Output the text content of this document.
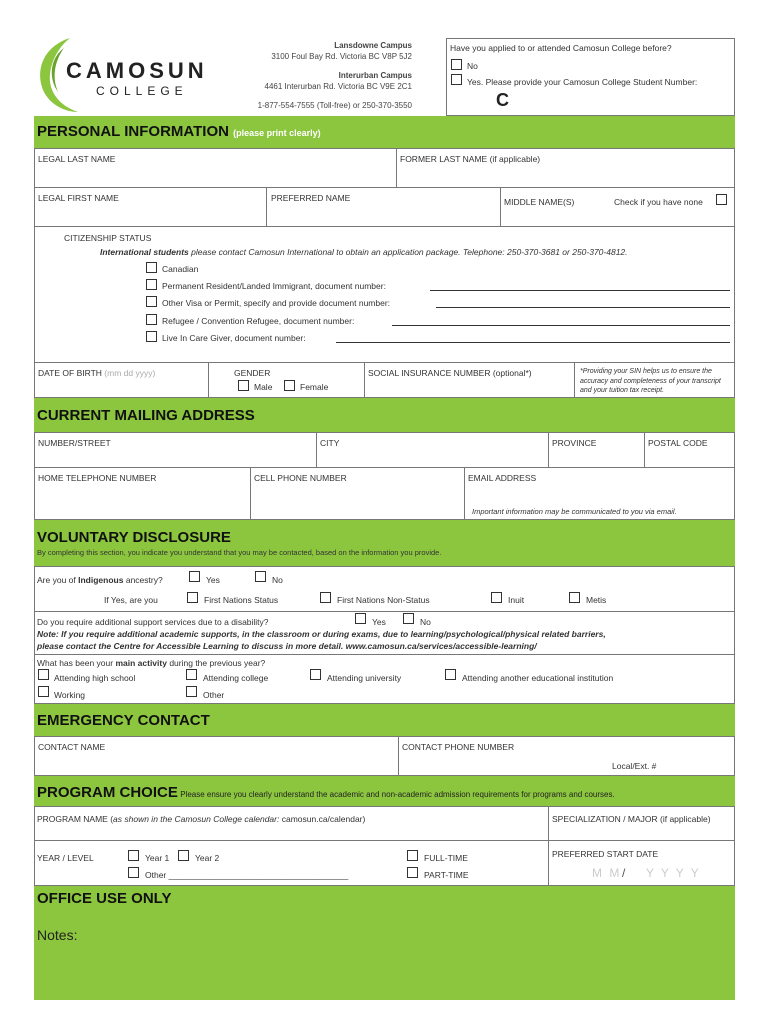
CAMOSUN
COLLEGE
Lansdowne Campus
3100 Foul Bay Rd. Victoria BC V8P 5J2
Interurban Campus
4461 Interurban Rd. Victoria BC V9E 2C1
1-877-554-7555 (Toll-free) or 250-370-3550
Have you applied to or attended Camosun College before?
No
Yes. Please provide your Camosun College Student Number:
C
PERSONAL INFORMATION (please print clearly)
LEGAL LAST NAME	FORMER LAST NAME (if applicable)
LEGAL FIRST NAME	PREFERRED NAME	MIDDLE NAME(S)	Check if you have none
CITIZENSHIP STATUS
International students please contact Camosun International to obtain an application package. Telephone: 250-370-3681 or 250-370-4812.
Canadian
Permanent Resident/Landed Immigrant, document number:
Other Visa or Permit, specify and provide document number:
Refugee / Convention Refugee, document number:
Live In Care Giver, document number:
DATE OF BIRTH (mm dd yyyy)	GENDER
Male	Female
SOCIAL INSURANCE NUMBER (optional*)	*Providing your SIN helps us to ensure the accuracy and completeness of your transcript and your tuition tax receipt.
CURRENT MAILING ADDRESS
NUMBER/STREET	CITY	PROVINCE	POSTAL CODE
HOME TELEPHONE NUMBER	CELL PHONE NUMBER	EMAIL ADDRESS
Important information may be communicated to you via email.
VOLUNTARY DISCLOSURE
By completing this section, you indicate you understand that you may be contacted, based on the information you provide.
Are you of Indigenous ancestry?	Yes	No
If Yes, are you	First Nations Status	First Nations Non-Status	Inuit	Metis
Do you require additional support services due to a disability?	Yes	No
Note: If you require additional academic supports, in the classroom or during exams, due to learning/psychological/physical related barriers,
please contact the Centre for Accessible Learning to discuss in more detail. www.camosun.ca/services/accessible-learning/
What has been your main activity during the previous year?
Attending high school	Attending college	Attending university	Attending another educational institution
Working	Other
EMERGENCY CONTACT
CONTACT NAME	CONTACT PHONE NUMBER
Local/Ext. #
PROGRAM CHOICE Please ensure you clearly understand the academic and non-academic admission requirements for programs and courses.
PROGRAM NAME (as shown in the Camosun College calendar: camosun.ca/calendar)	SPECIALIZATION / MAJOR (if applicable)
YEAR / LEVEL	Year 1	Year 2
Other ______________________________________
FULL-TIME
PART-TIME
PREFERRED START DATE
M M / Y Y Y Y
OFFICE USE ONLY
Notes:
